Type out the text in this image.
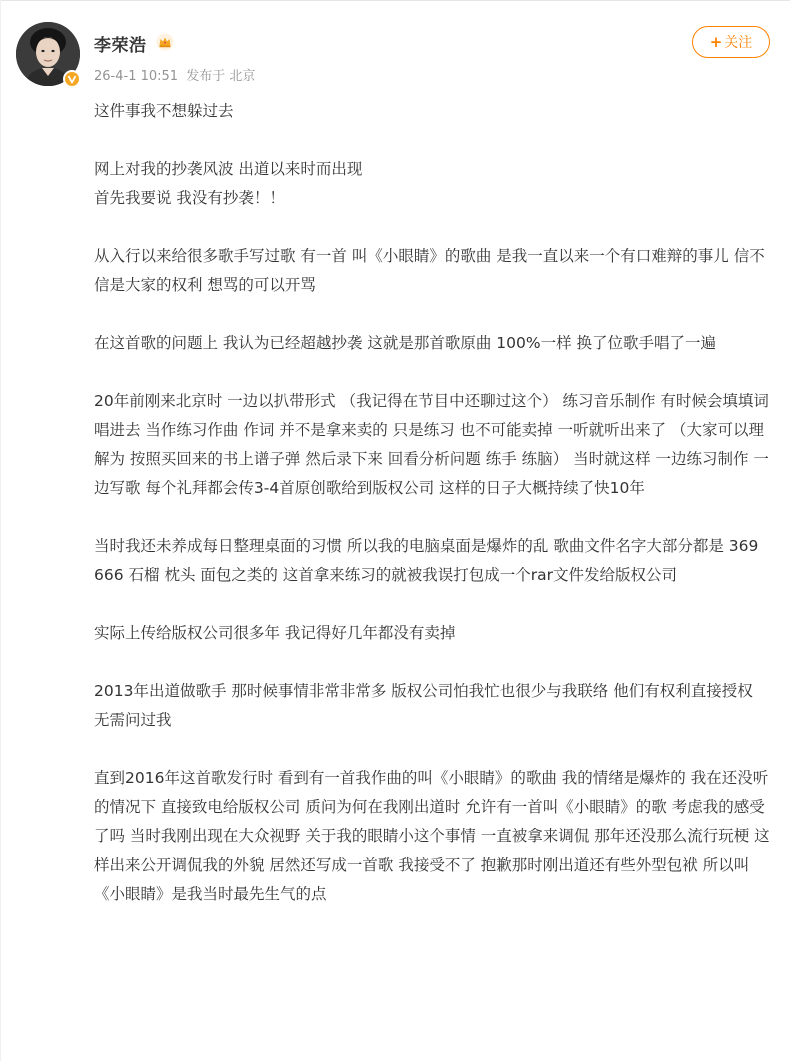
李荣浩
26-4-1 10:51 发布于 北京
+ 关注

这件事我不想躲过去

网上对我的抄袭风波 出道以来时而出现
首先我要说 我没有抄袭！！

从入行以来给很多歌手写过歌 有一首 叫《小眼睛》的歌曲 是我一直以来一个有口难辩的事儿 信不信是大家的权利 想骂的可以开骂

在这首歌的问题上 我认为已经超越抄袭 这就是那首歌原曲 100%一样 换了位歌手唱了一遍

20年前刚来北京时 一边以扒带形式 （我记得在节目中还聊过这个） 练习音乐制作 有时候会填填词唱进去 当作练习作曲 作词 并不是拿来卖的 只是练习 也不可能卖掉 一听就听出来了 （大家可以理解为 按照买回来的书上谱子弹 然后录下来 回看分析问题 练手 练脑） 当时就这样 一边练习制作 一边写歌 每个礼拜都会传3-4首原创歌给到版权公司 这样的日子大概持续了快10年

当时我还未养成每日整理桌面的习惯 所以我的电脑桌面是爆炸的乱 歌曲文件名字大部分都是 369 666 石榴 枕头 面包之类的 这首拿来练习的就被我误打包成一个rar文件发给版权公司

实际上传给版权公司很多年 我记得好几年都没有卖掉

2013年出道做歌手 那时候事情非常非常多 版权公司怕我忙也很少与我联络 他们有权利直接授权 无需问过我

直到2016年这首歌发行时 看到有一首我作曲的叫《小眼睛》的歌曲 我的情绪是爆炸的 我在还没听的情况下 直接致电给版权公司 质问为何在我刚出道时 允许有一首叫《小眼睛》的歌 考虑我的感受了吗 当时我刚出现在大众视野 关于我的眼睛小这个事情 一直被拿来调侃 那年还没那么流行玩梗 这样出来公开调侃我的外貌 居然还写成一首歌 我接受不了 抱歉那时刚出道还有些外型包袱 所以叫《小眼睛》是我当时最先生气的点
